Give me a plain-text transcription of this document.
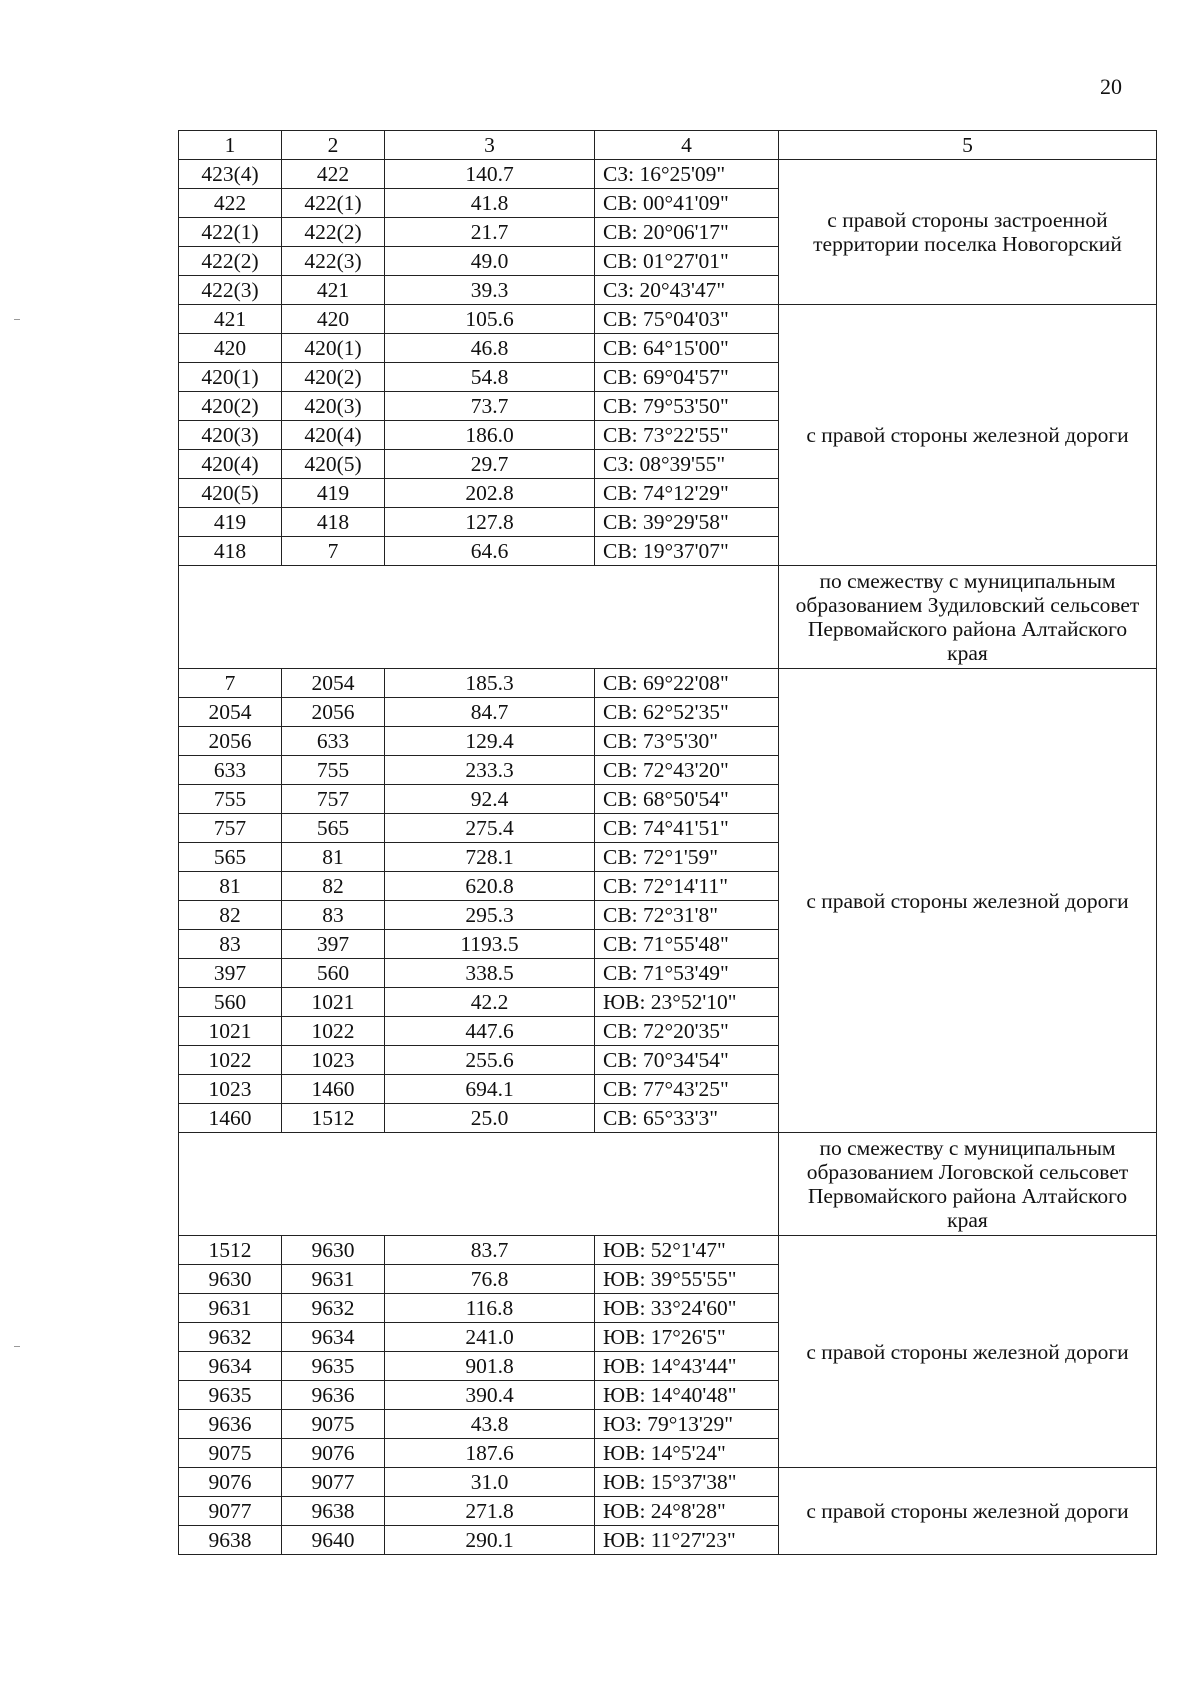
20
1	2	3	4	5
423(4)	422	140.7	СЗ: 16°25'09"	с правой стороны застроенной территории поселка Новогорский
422	422(1)	41.8	СВ: 00°41'09"	
422(1)	422(2)	21.7	СВ: 20°06'17"	
422(2)	422(3)	49.0	СВ: 01°27'01"	
422(3)	421	39.3	СЗ: 20°43'47"	
421	420	105.6	СВ: 75°04'03"	с правой стороны железной дороги
420	420(1)	46.8	СВ: 64°15'00"	
420(1)	420(2)	54.8	СВ: 69°04'57"	
420(2)	420(3)	73.7	СВ: 79°53'50"	
420(3)	420(4)	186.0	СВ: 73°22'55"	
420(4)	420(5)	29.7	СЗ: 08°39'55"	
420(5)	419	202.8	СВ: 74°12'29"	
419	418	127.8	СВ: 39°29'58"	
418	7	64.6	СВ: 19°37'07"	
				по смежеству с муниципальным образованием Зудиловский сельсовет Первомайского района Алтайского края
7	2054	185.3	СВ: 69°22'08"	с правой стороны железной дороги
2054	2056	84.7	СВ: 62°52'35"	
2056	633	129.4	СВ: 73°5'30"	
633	755	233.3	СВ: 72°43'20"	
755	757	92.4	СВ: 68°50'54"	
757	565	275.4	СВ: 74°41'51"	
565	81	728.1	СВ: 72°1'59"	
81	82	620.8	СВ: 72°14'11"	
82	83	295.3	СВ: 72°31'8"	
83	397	1193.5	СВ: 71°55'48"	
397	560	338.5	СВ: 71°53'49"	
560	1021	42.2	ЮВ: 23°52'10"	
1021	1022	447.6	СВ: 72°20'35"	
1022	1023	255.6	СВ: 70°34'54"	
1023	1460	694.1	СВ: 77°43'25"	
1460	1512	25.0	СВ: 65°33'3"	
				по смежеству с муниципальным образованием Логовской сельсовет Первомайского района Алтайского края
1512	9630	83.7	ЮВ: 52°1'47"	с правой стороны железной дороги
9630	9631	76.8	ЮВ: 39°55'55"	
9631	9632	116.8	ЮВ: 33°24'60"	
9632	9634	241.0	ЮВ: 17°26'5"	
9634	9635	901.8	ЮВ: 14°43'44"	
9635	9636	390.4	ЮВ: 14°40'48"	
9636	9075	43.8	ЮЗ: 79°13'29"	
9075	9076	187.6	ЮВ: 14°5'24"	
9076	9077	31.0	ЮВ: 15°37'38"	с правой стороны железной дороги
9077	9638	271.8	ЮВ: 24°8'28"	
9638	9640	290.1	ЮВ: 11°27'23"	
